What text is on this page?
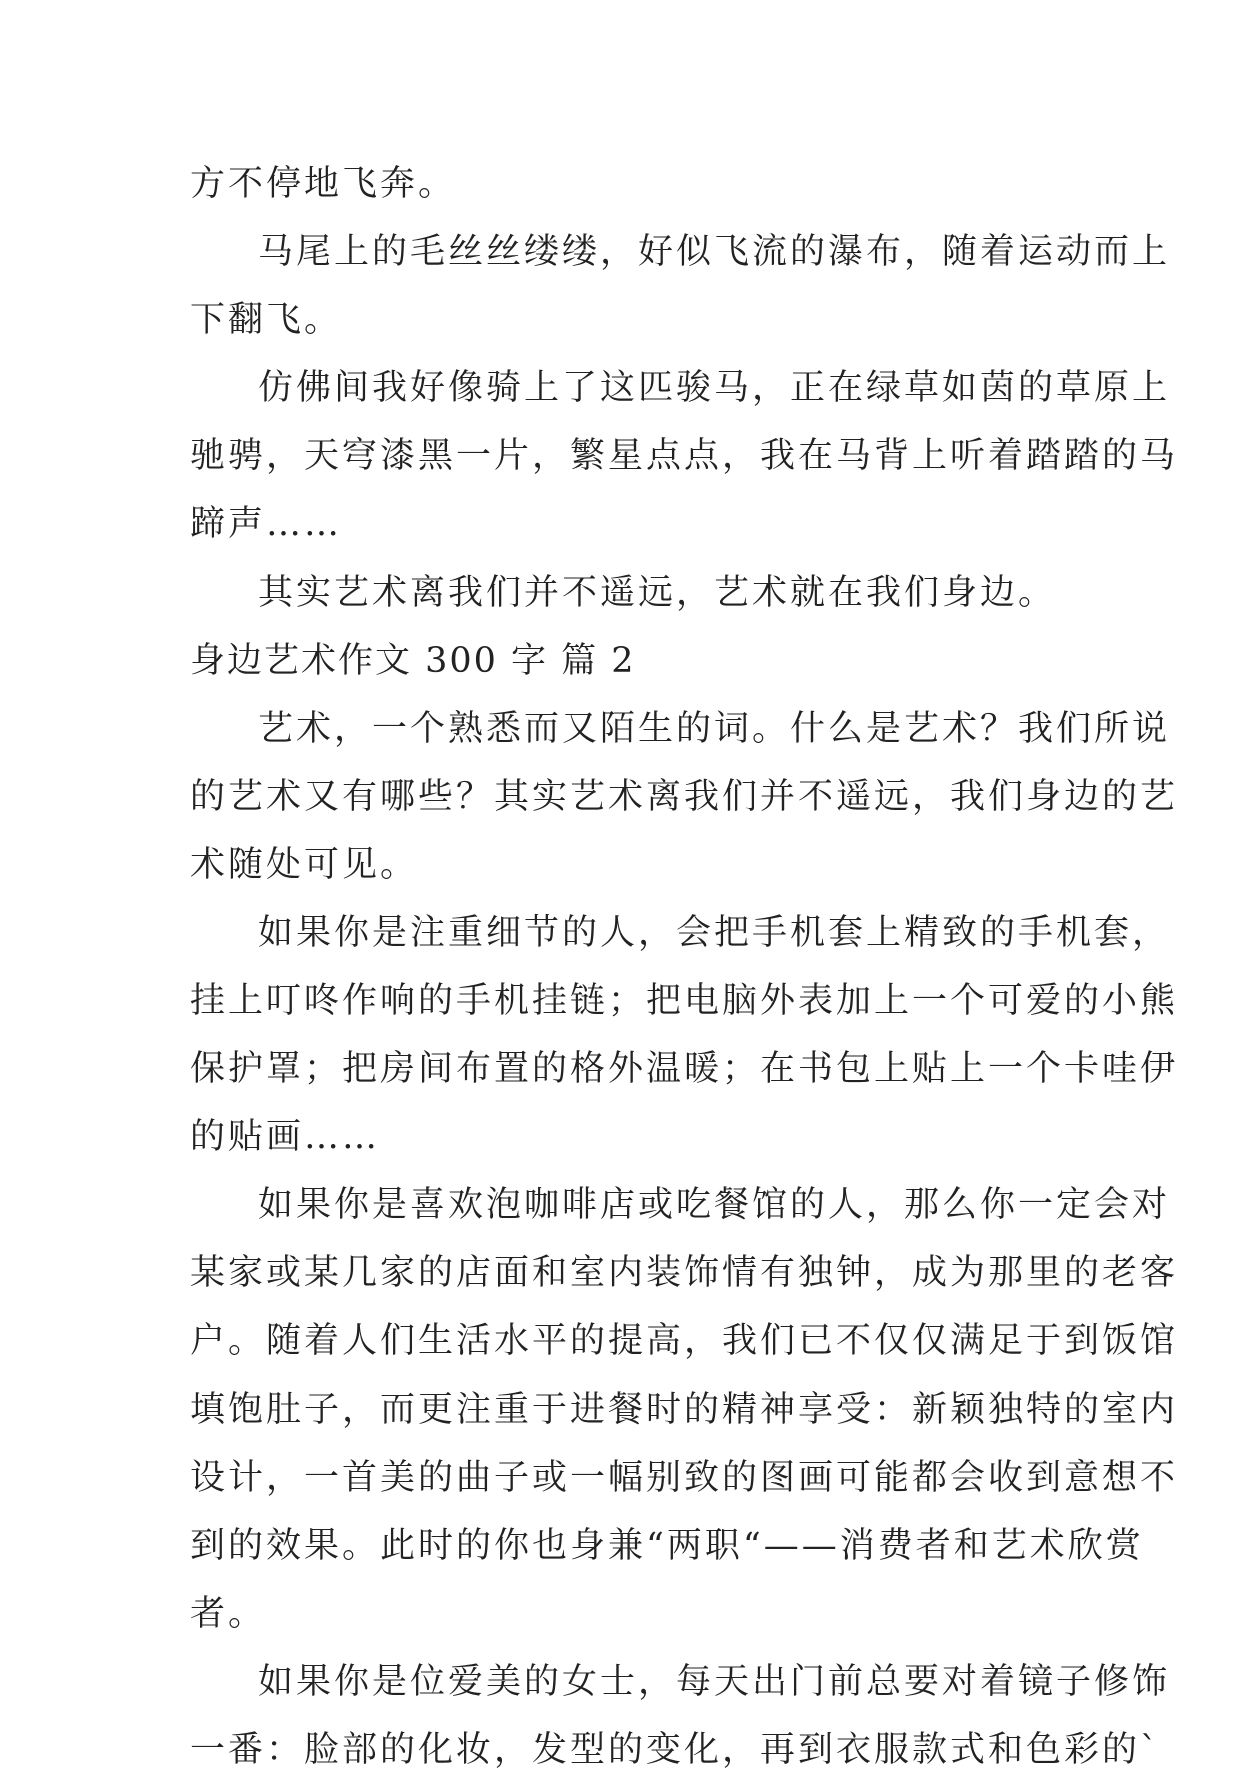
方不停地飞奔。
马尾上的毛丝丝缕缕，好似飞流的瀑布，随着运动而上
下翻飞。
仿佛间我好像骑上了这匹骏马，正在绿草如茵的草原上
驰骋，天穹漆黑一片，繁星点点，我在马背上听着踏踏的马
蹄声……
其实艺术离我们并不遥远，艺术就在我们身边。
身边艺术作文 300 字 篇 2
艺术，一个熟悉而又陌生的词。什么是艺术？我们所说
的艺术又有哪些？其实艺术离我们并不遥远，我们身边的艺
术随处可见。
如果你是注重细节的人，会把手机套上精致的手机套，
挂上叮咚作响的手机挂链；把电脑外表加上一个可爱的小熊
保护罩；把房间布置的格外温暖；在书包上贴上一个卡哇伊
的贴画……
如果你是喜欢泡咖啡店或吃餐馆的人，那么你一定会对
某家或某几家的店面和室内装饰情有独钟，成为那里的老客
户。随着人们生活水平的提高，我们已不仅仅满足于到饭馆
填饱肚子，而更注重于进餐时的精神享受：新颖独特的室内
设计，一首美的曲子或一幅别致的图画可能都会收到意想不
到的效果。此时的你也身兼“两职“——消费者和艺术欣赏
者。
如果你是位爱美的女士，每天出门前总要对着镜子修饰
一番：脸部的化妆，发型的变化，再到衣服款式和色彩的`
